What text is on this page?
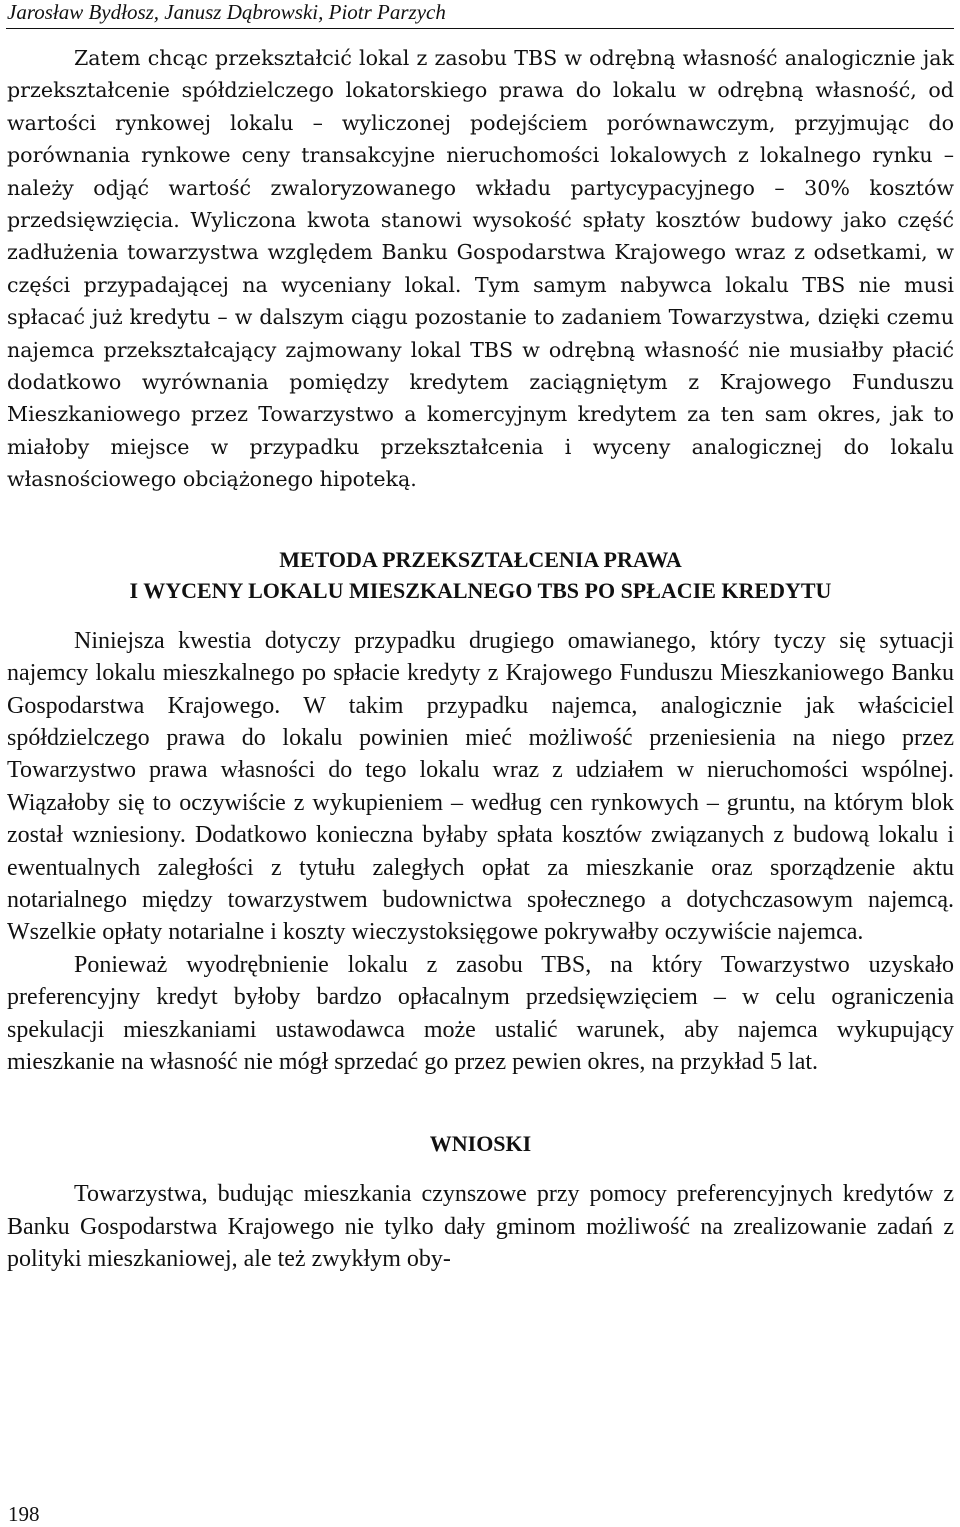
Jarosław Bydłosz, Janusz Dąbrowski, Piotr Parzych

Zatem chcąc przekształcić lokal z zasobu TBS w odrębną własność analogicznie jak przekształcenie spółdzielczego lokatorskiego prawa do lokalu w odrębną własność, od wartości rynkowej lokalu – wyliczonej podejściem porównawczym, przyjmując do porównania rynkowe ceny transakcyjne nieruchomości lokalowych z lokalnego rynku – należy odjąć wartość zwaloryzowanego wkładu partycypacyjnego – 30% kosztów przedsięwzięcia. Wyliczona kwota stanowi wysokość spłaty kosztów budowy jako część zadłużenia towarzystwa względem Banku Gospodarstwa Krajowego wraz z odsetkami, w części przypadającej na wyceniany lokal. Tym samym nabywca lokalu TBS nie musi spłacać już kredytu – w dalszym ciągu pozostanie to zadaniem Towarzystwa, dzięki czemu najemca przekształcający zajmowany lokal TBS w odrębną własność nie musiałby płacić dodatkowo wyrównania pomiędzy kredytem zaciągniętym z Krajowego Funduszu Mieszkaniowego przez Towarzystwo a komercyjnym kredytem za ten sam okres, jak to miałoby miejsce w przypadku przekształcenia i wyceny analogicznej do lokalu własnościowego obciążonego hipoteką.

METODA PRZEKSZTAŁCENIA PRAWA
I WYCENY LOKALU MIESZKALNEGO TBS PO SPŁACIE KREDYTU

Niniejsza kwestia dotyczy przypadku drugiego omawianego, który tyczy się sytuacji najemcy lokalu mieszkalnego po spłacie kredyty z Krajowego Funduszu Mieszkaniowego Banku Gospodarstwa Krajowego. W takim przypadku najemca, analogicznie jak właściciel spółdzielczego prawa do lokalu powinien mieć możliwość przeniesienia na niego przez Towarzystwo prawa własności do tego lokalu wraz z udziałem w nieruchomości wspólnej. Wiązałoby się to oczywiście z wykupieniem – według cen rynkowych – gruntu, na którym blok został wzniesiony. Dodatkowo konieczna byłaby spłata kosztów związanych z budową lokalu i ewentualnych zaległości z tytułu zaległych opłat za mieszkanie oraz sporządzenie aktu notarialnego między towarzystwem budownictwa społecznego a dotychczasowym najemcą. Wszelkie opłaty notarialne i koszty wieczystoksięgowe pokrywałby oczywiście najemca.

Ponieważ wyodrębnienie lokalu z zasobu TBS, na który Towarzystwo uzyskało preferencyjny kredyt byłoby bardzo opłacalnym przedsięwzięciem – w celu ograniczenia spekulacji mieszkaniami ustawodawca może ustalić warunek, aby najemca wykupujący mieszkanie na własność nie mógł sprzedać go przez pewien okres, na przykład 5 lat.

WNIOSKI

Towarzystwa, budując mieszkania czynszowe przy pomocy preferencyjnych kredytów z Banku Gospodarstwa Krajowego nie tylko dały gminom możliwość na zrealizowanie zadań z polityki mieszkaniowej, ale też zwykłym oby-

198
